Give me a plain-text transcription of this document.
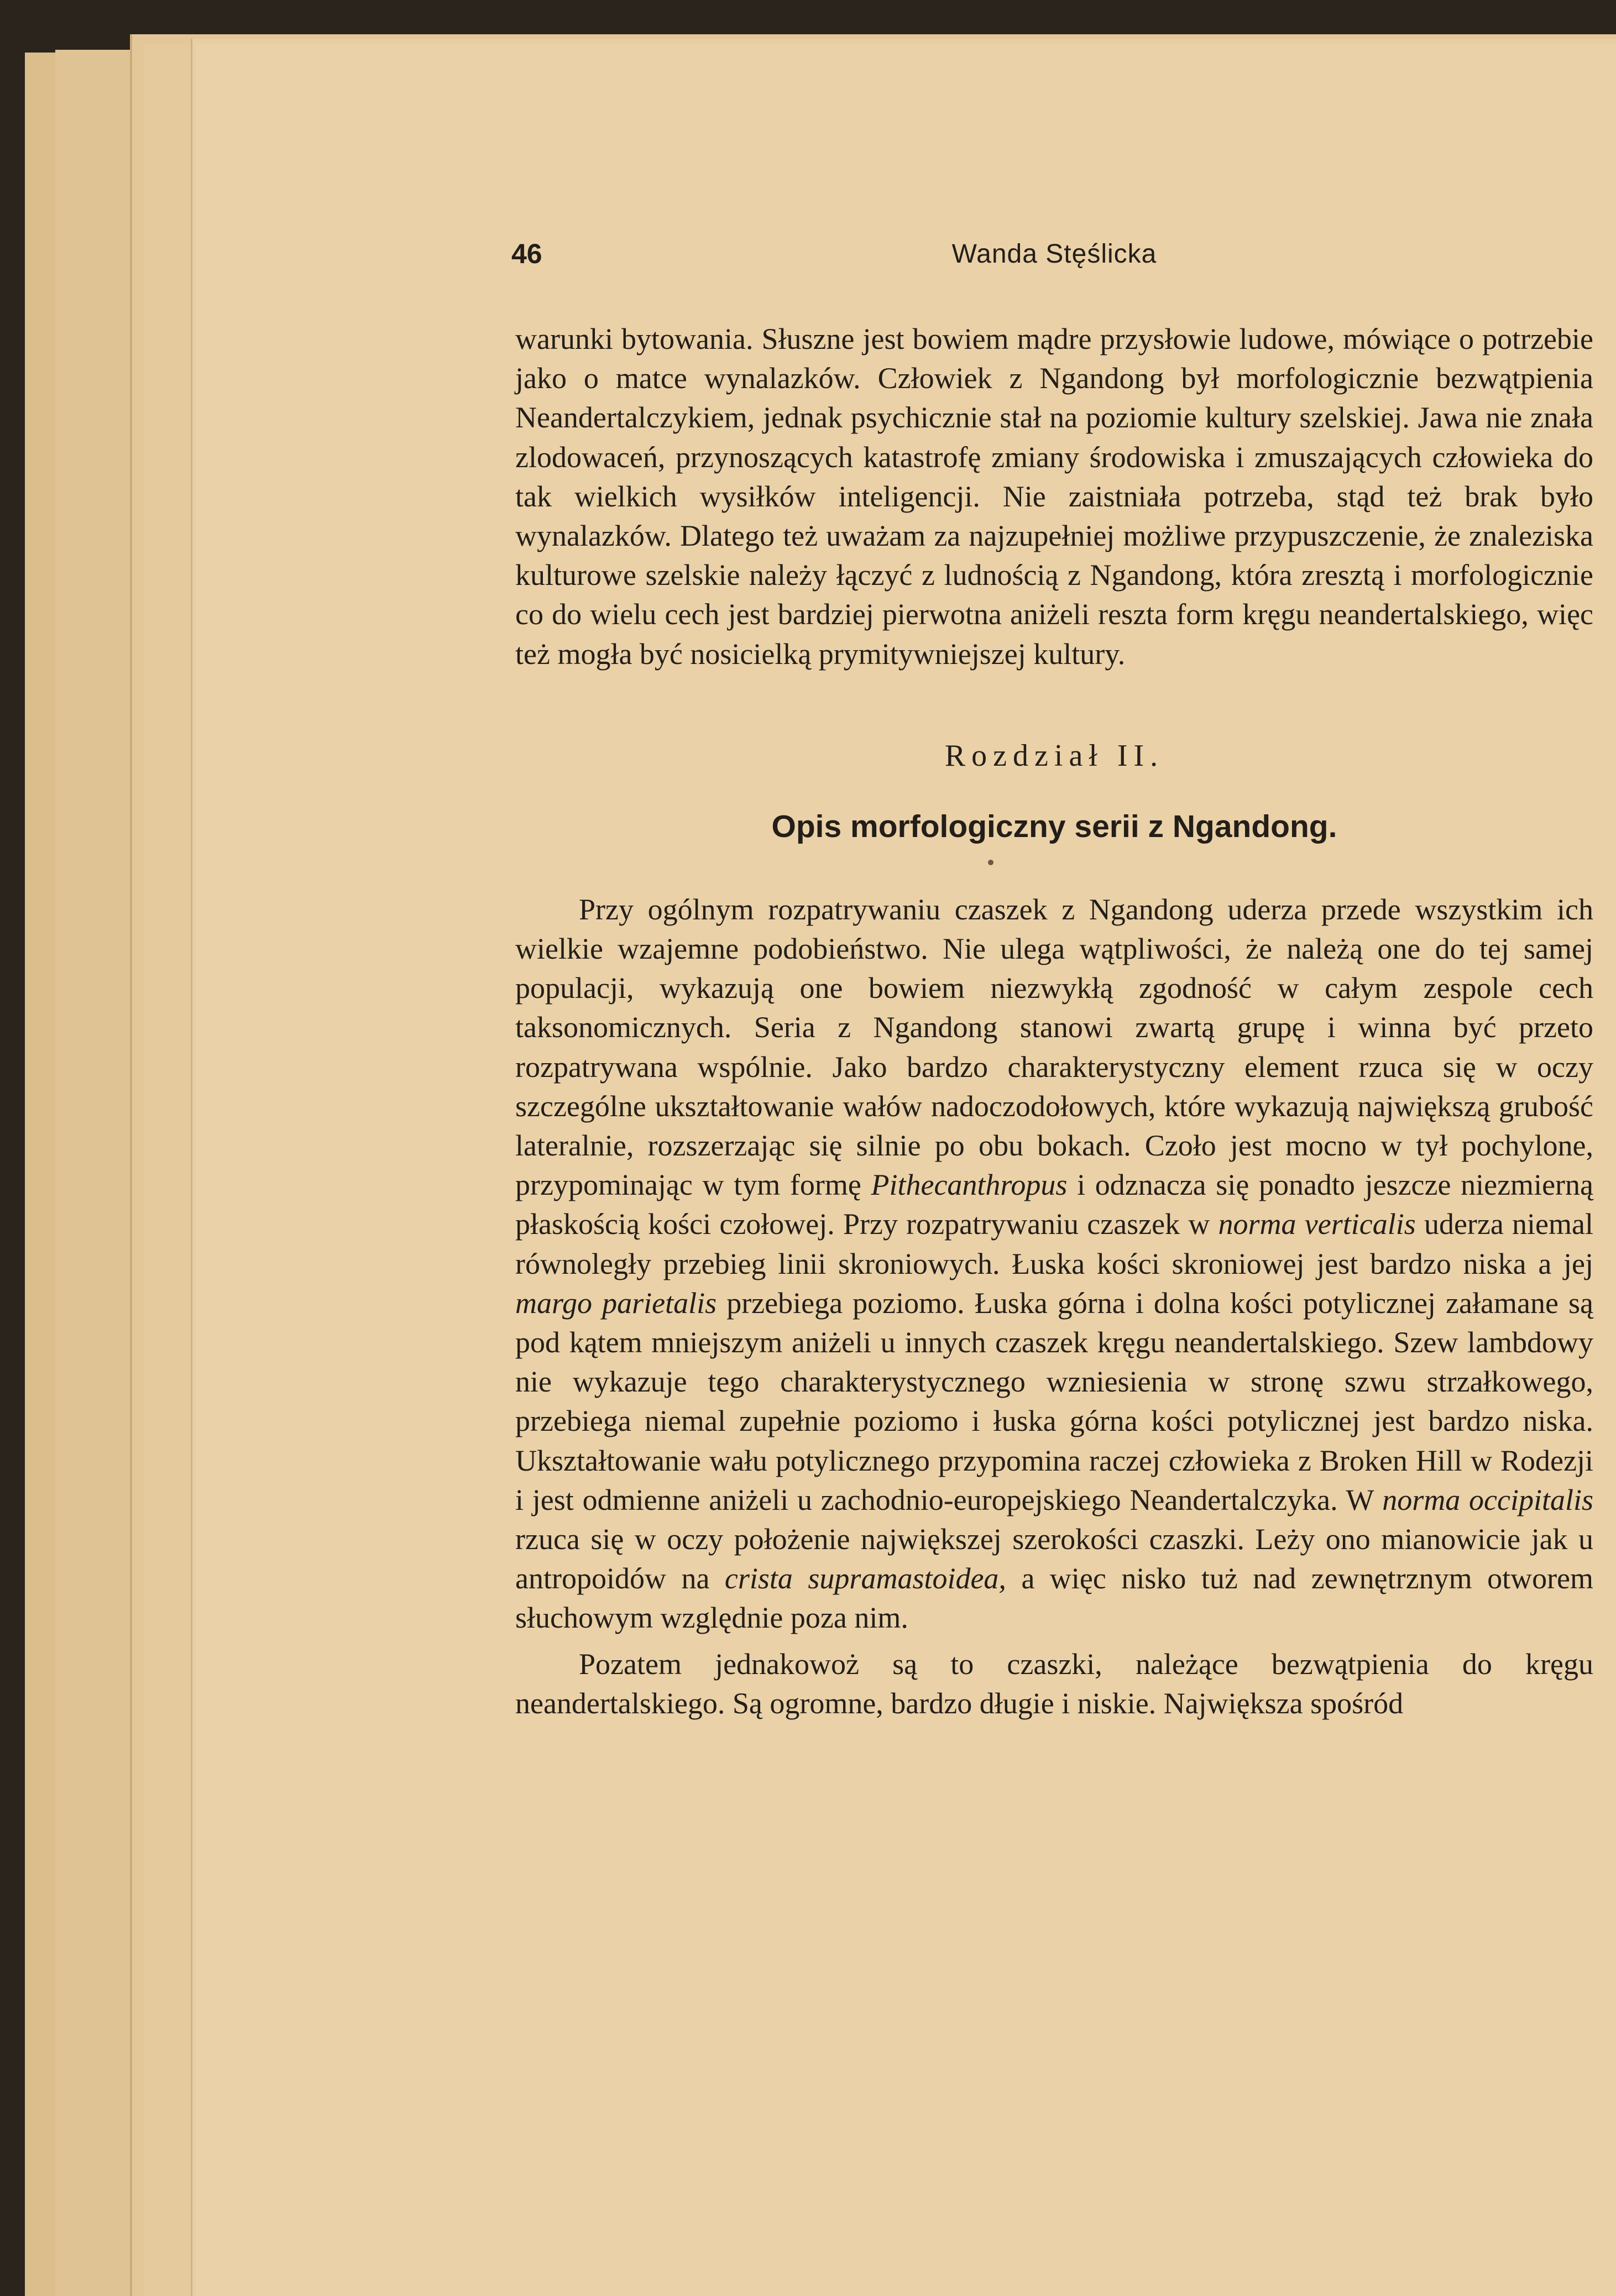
46	Wanda Stęślicka

warunki bytowania. Słuszne jest bowiem mądre przysłowie ludowe, mówiące o potrzebie jako o matce wynalazków. Człowiek z Ngandong był morfologicznie bezwątpienia Neandertalczykiem, jednak psychicznie stał na poziomie kultury szelskiej. Jawa nie znała zlodowaceń, przynoszących katastrofę zmiany środowiska i zmuszających człowieka do tak wielkich wysiłków inteligencji. Nie zaistniała potrzeba, stąd też brak było wynalazków. Dlatego też uważam za najzupełniej możliwe przypuszczenie, że znaleziska kulturowe szelskie należy łączyć z ludnością z Ngandong, która zresztą i morfologicznie co do wielu cech jest bardziej pierwotna aniżeli reszta form kręgu neandertalskiego, więc też mogła być nosicielką prymitywniejszej kultury.

Rozdział II.
Opis morfologiczny serii z Ngandong.

Przy ogólnym rozpatrywaniu czaszek z Ngandong uderza przede wszystkim ich wielkie wzajemne podobieństwo. Nie ulega wątpliwości, że należą one do tej samej populacji, wykazują one bowiem niezwykłą zgodność w całym zespole cech taksonomicznych. Seria z Ngandong stanowi zwartą grupę i winna być przeto rozpatrywana wspólnie. Jako bardzo charakterystyczny element rzuca się w oczy szczególne ukształtowanie wałów nadoczodołowych, które wykazują największą grubość lateralnie, rozszerzając się silnie po obu bokach. Czoło jest mocno w tył pochylone, przypominając w tym formę Pithecanthropus i odznacza się ponadto jeszcze niezmierną płaskością kości czołowej. Przy rozpatrywaniu czaszek w norma verticalis uderza niemal równoległy przebieg linii skroniowych. Łuska kości skroniowej jest bardzo niska a jej margo parietalis przebiega poziomo. Łuska górna i dolna kości potylicznej załamane są pod kątem mniejszym aniżeli u innych czaszek kręgu neandertalskiego. Szew lambdowy nie wykazuje tego charakterystycznego wzniesienia w stronę szwu strzałkowego, przebiega niemal zupełnie poziomo i łuska górna kości potylicznej jest bardzo niska. Ukształtowanie wału potylicznego przypomina raczej człowieka z Broken Hill w Rodezji i jest odmienne aniżeli u zachodnio-europejskiego Neandertalczyka. W norma occipitalis rzuca się w oczy położenie największej szerokości czaszki. Leży ono mianowicie jak u antropoidów na crista supramastoidea, a więc nisko tuż nad zewnętrznym otworem słuchowym względnie poza nim.

Pozatem jednakowoż są to czaszki, należące bezwątpienia do kręgu neandertalskiego. Są ogromne, bardzo długie i niskie. Największa spośród
